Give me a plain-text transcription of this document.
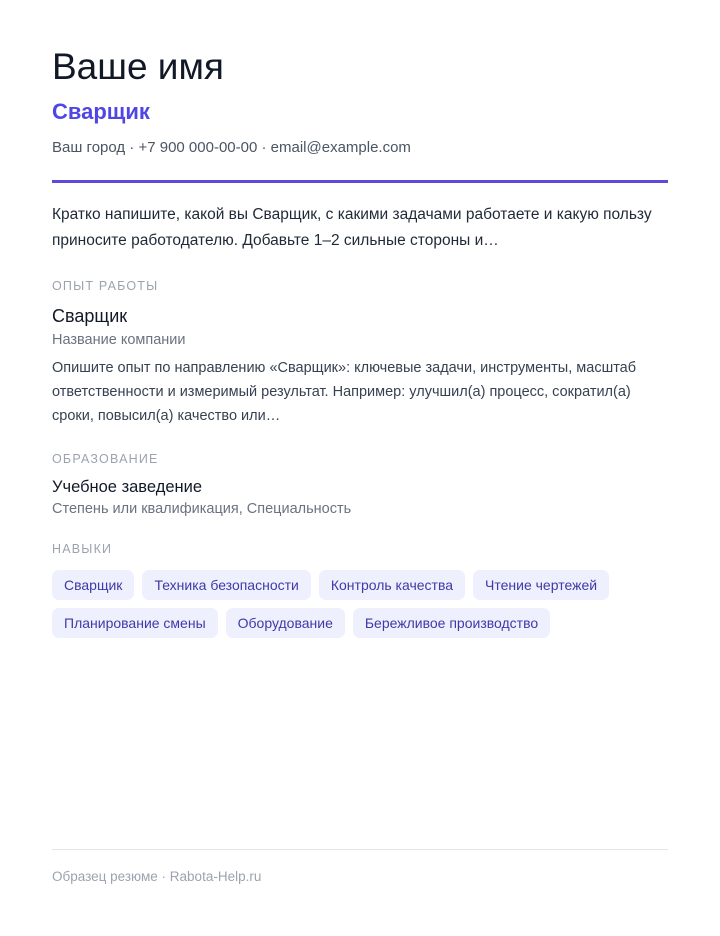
Ваше имя
Сварщик
Ваш город · +7 900 000-00-00 · email@example.com

Кратко напишите, какой вы Сварщик, с какими задачами работаете и какую пользу приносите работодателю. Добавьте 1–2 сильные стороны и…

ОПЫТ РАБОТЫ
Сварщик
Название компании

Опишите опыт по направлению «Сварщик»: ключевые задачи, инструменты, масштаб ответственности и измеримый результат. Например: улучшил(а) процесс, сократил(а) сроки, повысил(а) качество или…

ОБРАЗОВАНИЕ
Учебное заведение
Степень или квалификация, Специальность
НАВЫКИ
Сварщик	Техника безопасности	Контроль качества	Чтение чертежей
Планирование смены	Оборудование	Бережливое производство
Образец резюме · Rabota-Help.ru
